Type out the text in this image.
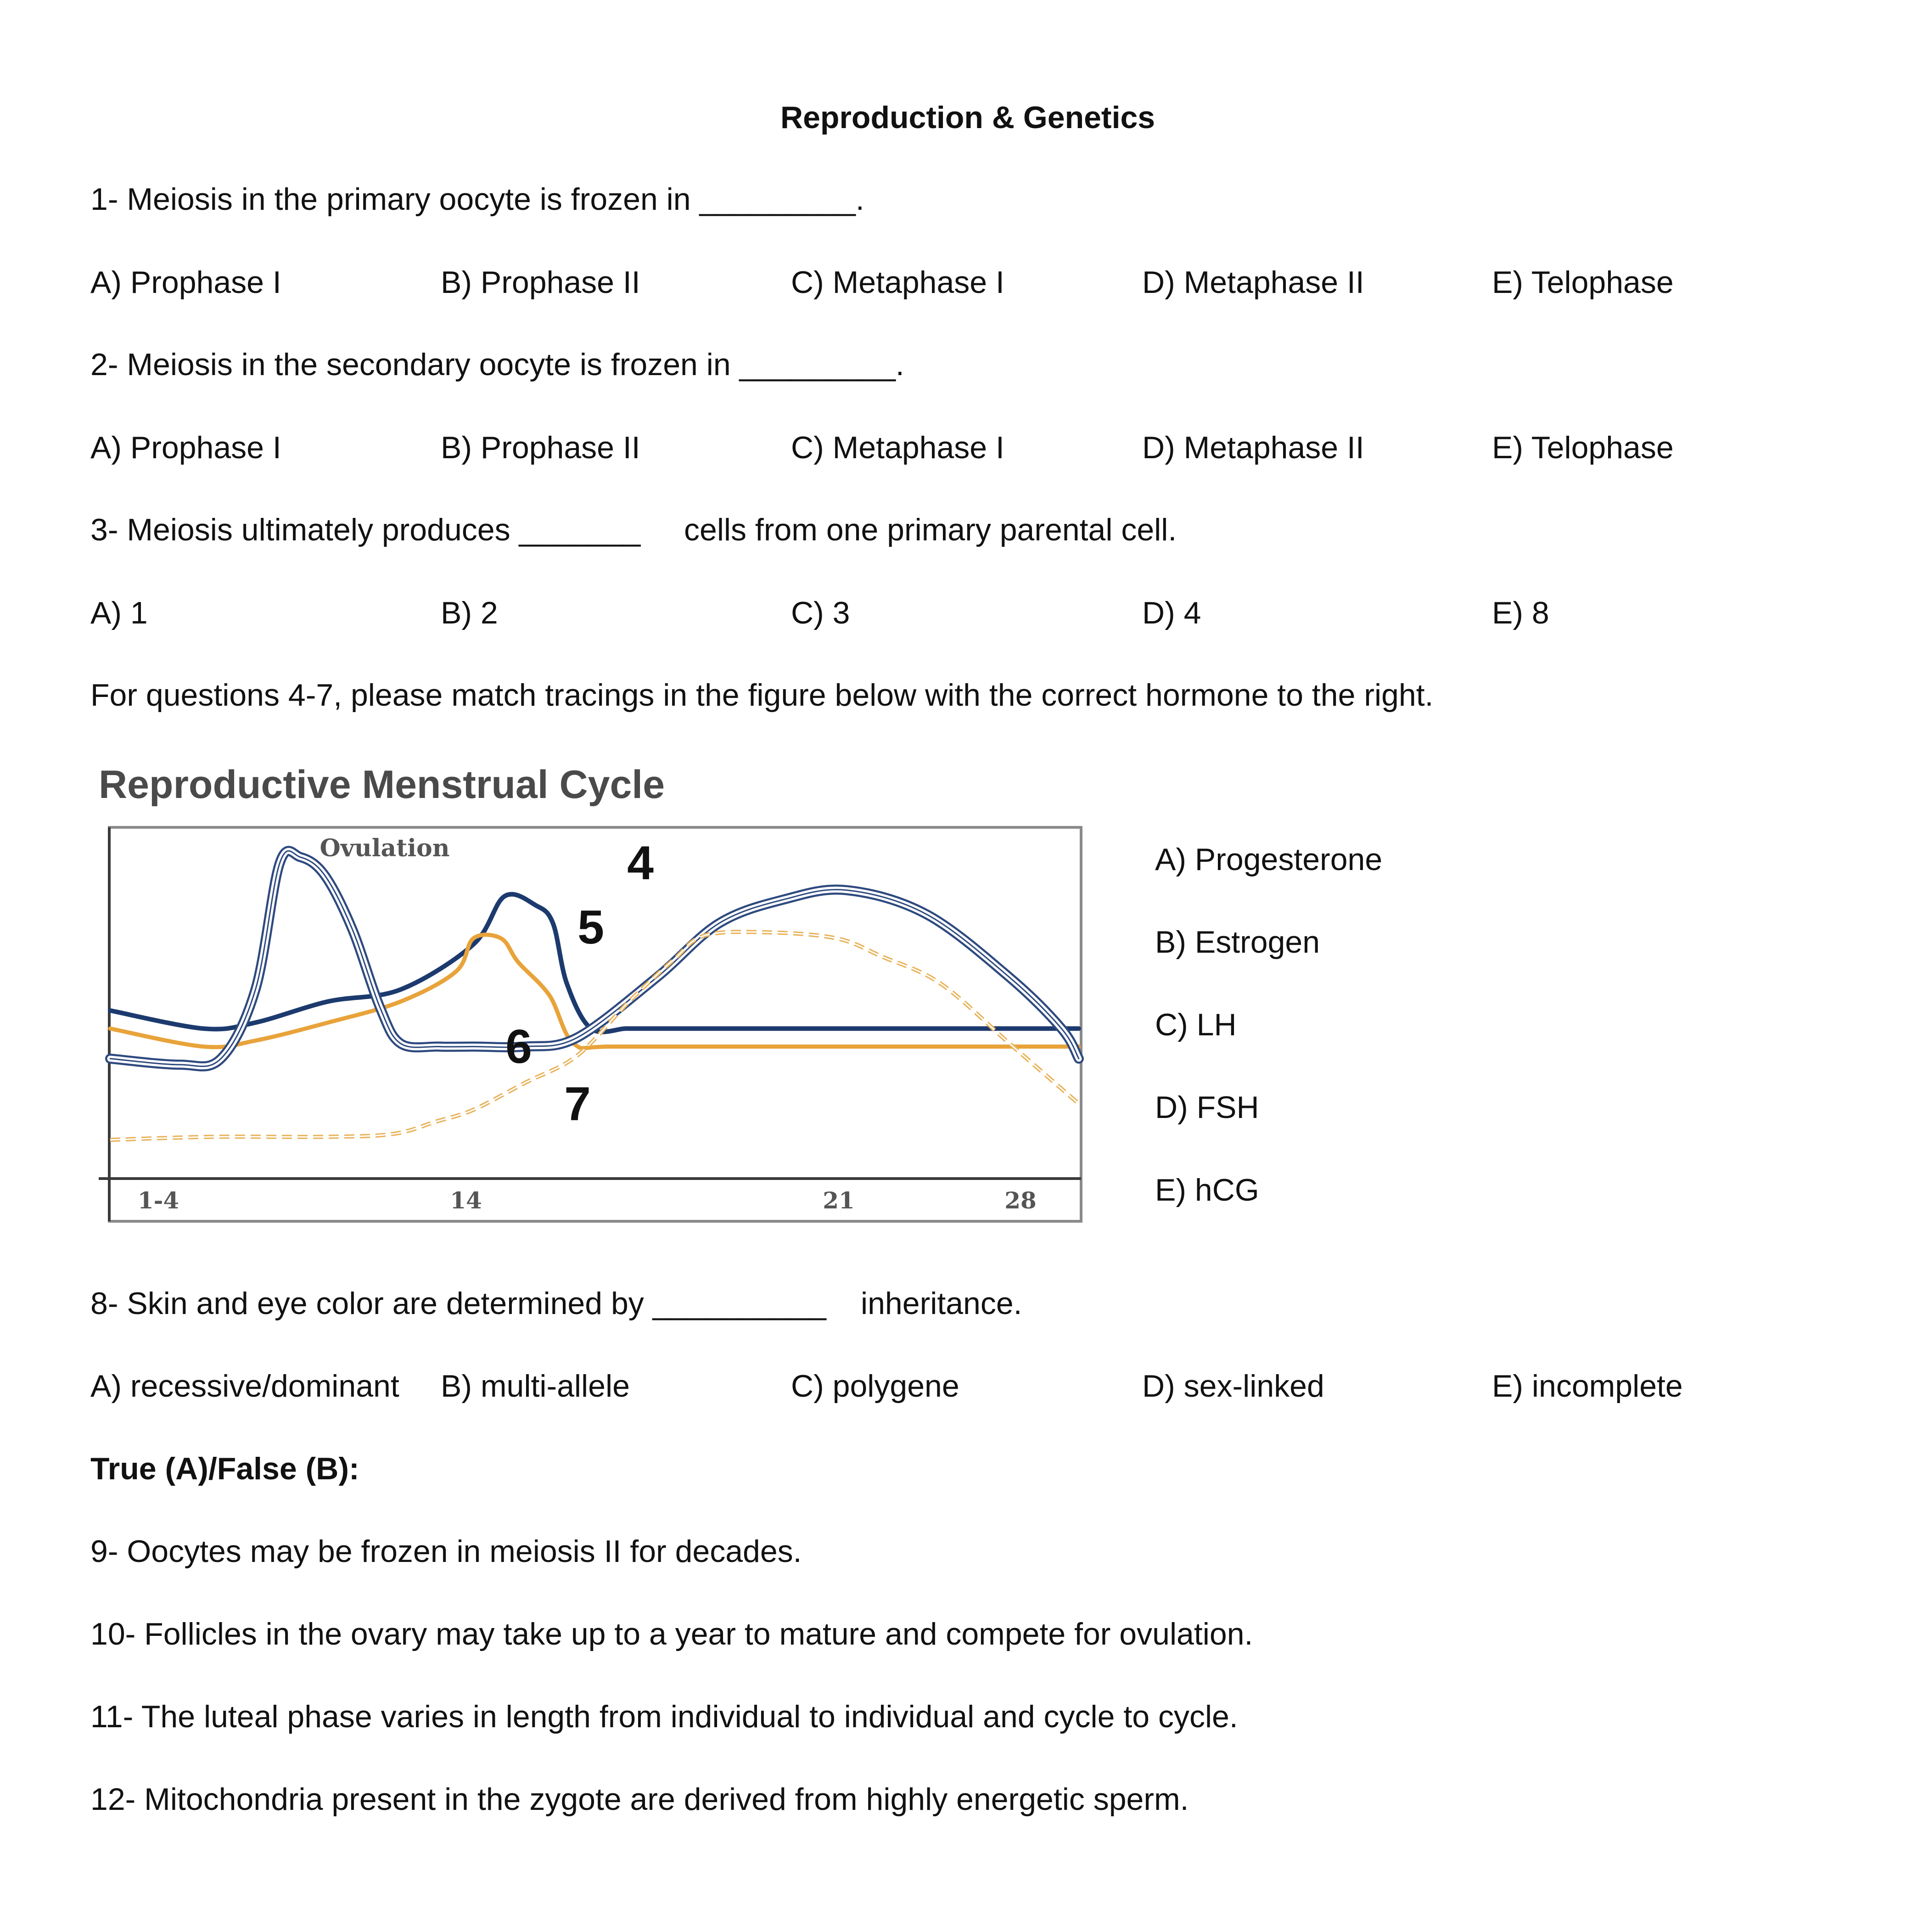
Reproduction & Genetics
1- Meiosis in the primary oocyte is frozen in _________.
A) Prophase I	B) Prophase II	C) Metaphase I	D) Metaphase II	E) Telophase
2- Meiosis in the secondary oocyte is frozen in _________.
A) Prophase I	B) Prophase II	C) Metaphase I	D) Metaphase II	E) Telophase
3- Meiosis ultimately produces _______ cells from one primary parental cell.
A) 1	B) 2	C) 3	D) 4	E) 8
For questions 4-7, please match tracings in the figure below with the correct hormone to the right.
Reproductive Menstrual Cycle
1-4	14	21	28
Ovulation	4
5
6
7
A) Progesterone
B) Estrogen
C) LH
D) FSH
E) hCG
8- Skin and eye color are determined by __________ inheritance.
A) recessive/dominant B) multi-allele	C) polygene	D) sex-linked	E) incomplete
True (A)/False (B):
9- Oocytes may be frozen in meiosis II for decades.
10- Follicles in the ovary may take up to a year to mature and compete for ovulation.
11- The luteal phase varies in length from individual to individual and cycle to cycle.
12- Mitochondria present in the zygote are derived from highly energetic sperm.
